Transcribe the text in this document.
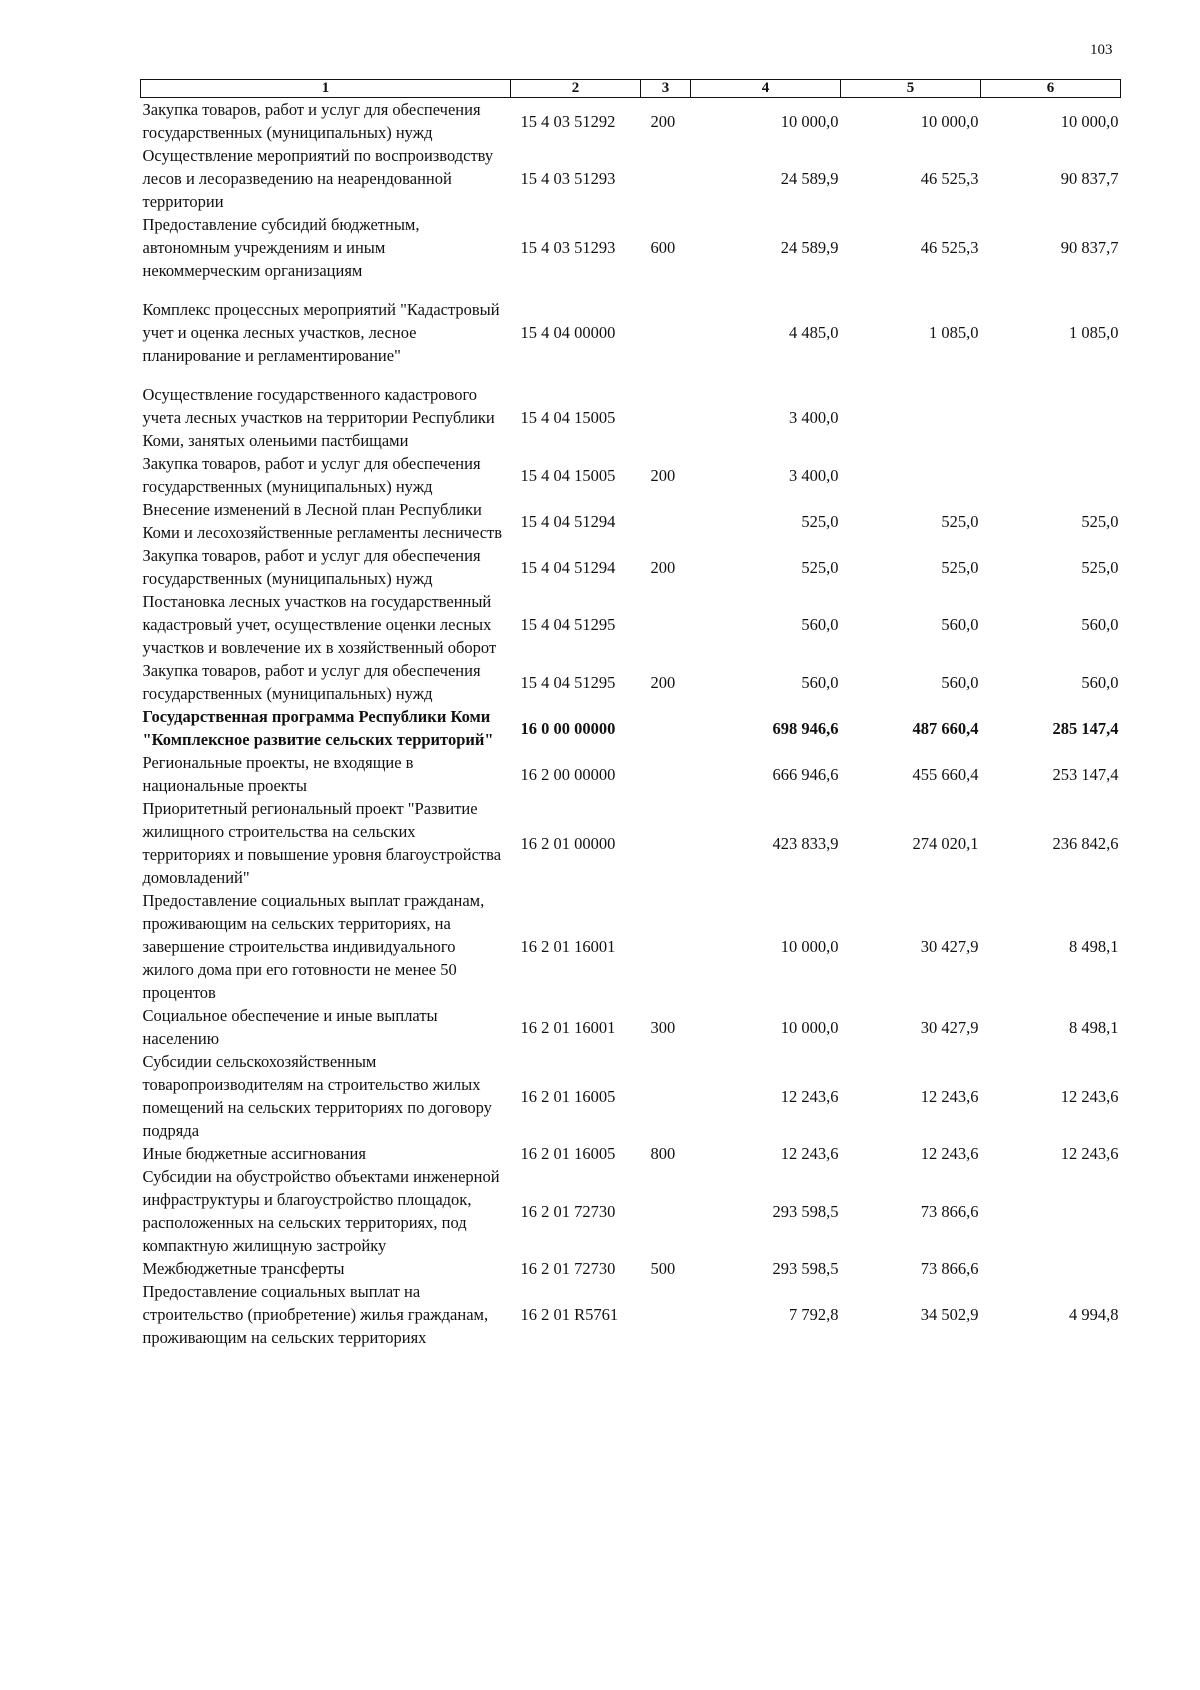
103
1	2	3	4	5	6
Закупка товаров, работ и услуг для обеспечения государственных (муниципальных) нужд	15 4 03 51292	200	10 000,0	10 000,0	10 000,0
Осуществление мероприятий по воспроизводству лесов и лесоразведению на неарендованной территории	15 4 03 51293		24 589,9	46 525,3	90 837,7
Предоставление субсидий бюджетным, автономным учреждениям и иным некоммерческим организациям	15 4 03 51293	600	24 589,9	46 525,3	90 837,7
Комплекс процессных мероприятий "Кадастровый учет и оценка лесных участков, лесное планирование и регламентирование"	15 4 04 00000		4 485,0	1 085,0	1 085,0
Осуществление государственного кадастрового учета лесных участков на территории Республики Коми, занятых оленьими пастбищами	15 4 04 15005		3 400,0		
Закупка товаров, работ и услуг для обеспечения государственных (муниципальных) нужд	15 4 04 15005	200	3 400,0		
Внесение изменений в Лесной план Республики Коми и лесохозяйственные регламенты лесничеств	15 4 04 51294		525,0	525,0	525,0
Закупка товаров, работ и услуг для обеспечения государственных (муниципальных) нужд	15 4 04 51294	200	525,0	525,0	525,0
Постановка лесных участков на государственный кадастровый учет, осуществление оценки лесных участков и вовлечение их в хозяйственный оборот	15 4 04 51295		560,0	560,0	560,0
Закупка товаров, работ и услуг для обеспечения государственных (муниципальных) нужд	15 4 04 51295	200	560,0	560,0	560,0
Государственная программа Республики Коми "Комплексное развитие сельских территорий"	16 0 00 00000		698 946,6	487 660,4	285 147,4
Региональные проекты, не входящие в национальные проекты	16 2 00 00000		666 946,6	455 660,4	253 147,4
Приоритетный региональный проект "Развитие жилищного строительства на сельских территориях и повышение уровня благоустройства домовладений"	16 2 01 00000		423 833,9	274 020,1	236 842,6
Предоставление социальных выплат гражданам, проживающим на сельских территориях, на завершение строительства индивидуального жилого дома при его готовности не менее 50 процентов	16 2 01 16001		10 000,0	30 427,9	8 498,1
Социальное обеспечение и иные выплаты населению	16 2 01 16001	300	10 000,0	30 427,9	8 498,1
Субсидии сельскохозяйственным товаропроизводителям на строительство жилых помещений на сельских территориях по договору подряда	16 2 01 16005		12 243,6	12 243,6	12 243,6
Иные бюджетные ассигнования	16 2 01 16005	800	12 243,6	12 243,6	12 243,6
Субсидии на обустройство объектами инженерной инфраструктуры и благоустройство площадок, расположенных на сельских территориях, под компактную жилищную застройку	16 2 01 72730		293 598,5	73 866,6	
Межбюджетные трансферты	16 2 01 72730	500	293 598,5	73 866,6	
Предоставление социальных выплат на строительство (приобретение) жилья гражданам, проживающим на сельских территориях	16 2 01 R5761		7 792,8	34 502,9	4 994,8
